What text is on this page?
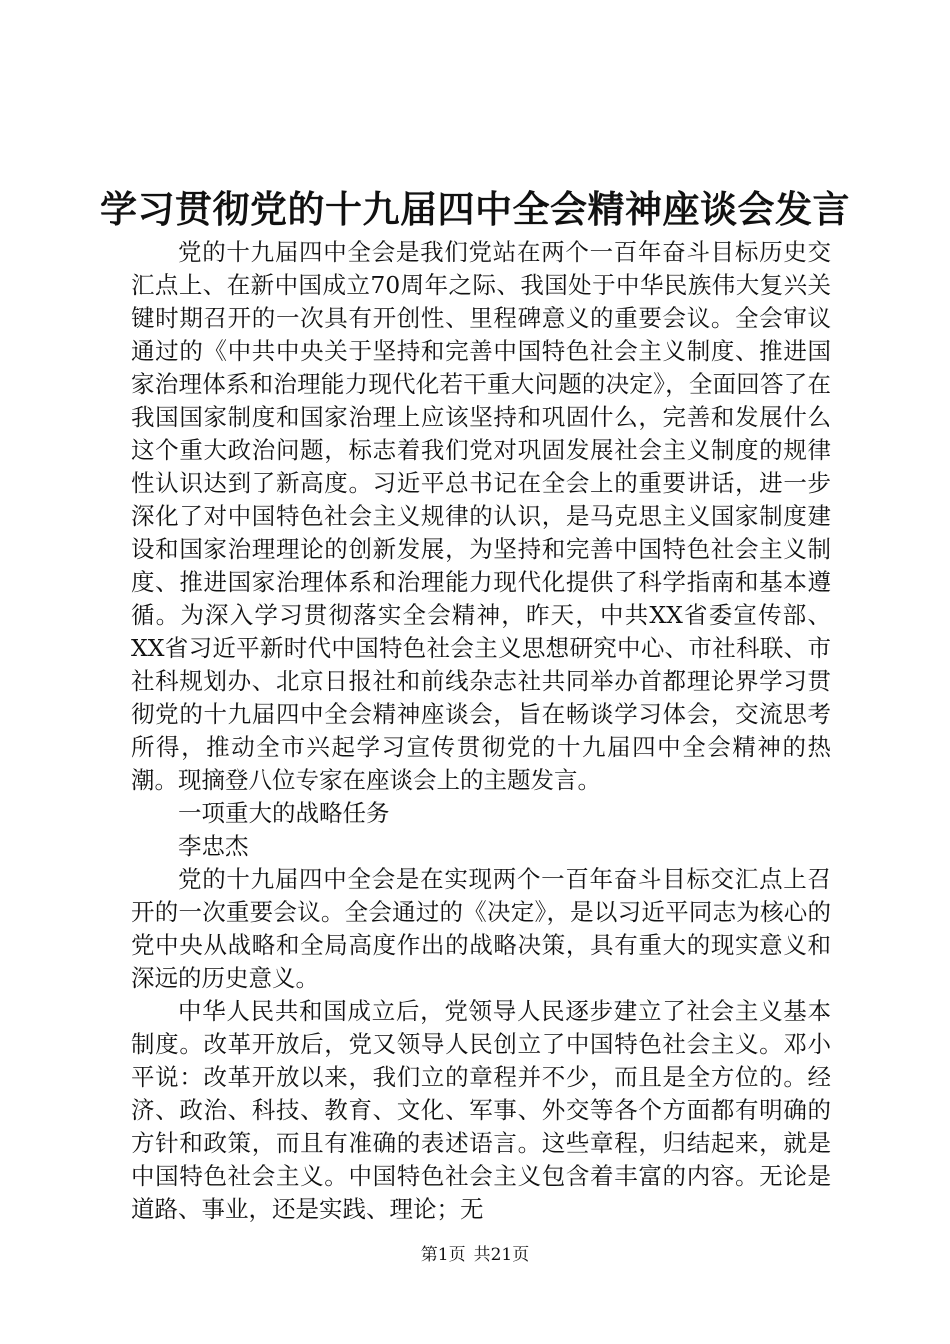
学习贯彻党的十九届四中全会精神座谈会发言

党的十九届四中全会是我们党站在两个一百年奋斗目标历史交汇点上、在新中国成立70周年之际、我国处于中华民族伟大复兴关键时期召开的一次具有开创性、里程碑意义的重要会议。全会审议通过的《中共中央关于坚持和完善中国特色社会主义制度、推进国家治理体系和治理能力现代化若干重大问题的决定》，全面回答了在我国国家制度和国家治理上应该坚持和巩固什么，完善和发展什么这个重大政治问题，标志着我们党对巩固发展社会主义制度的规律性认识达到了新高度。习近平总书记在全会上的重要讲话，进一步深化了对中国特色社会主义规律的认识，是马克思主义国家制度建设和国家治理理论的创新发展，为坚持和完善中国特色社会主义制度、推进国家治理体系和治理能力现代化提供了科学指南和基本遵循。为深入学习贯彻落实全会精神，昨天，中共XX省委宣传部、XX省习近平新时代中国特色社会主义思想研究中心、市社科联、市社科规划办、北京日报社和前线杂志社共同举办首都理论界学习贯彻党的十九届四中全会精神座谈会，旨在畅谈学习体会，交流思考所得，推动全市兴起学习宣传贯彻党的十九届四中全会精神的热潮。现摘登八位专家在座谈会上的主题发言。

一项重大的战略任务

李忠杰

党的十九届四中全会是在实现两个一百年奋斗目标交汇点上召开的一次重要会议。全会通过的《决定》，是以习近平同志为核心的党中央从战略和全局高度作出的战略决策，具有重大的现实意义和深远的历史意义。

中华人民共和国成立后，党领导人民逐步建立了社会主义基本制度。改革开放后，党又领导人民创立了中国特色社会主义。邓小平说：改革开放以来，我们立的章程并不少，而且是全方位的。经济、政治、科技、教育、文化、军事、外交等各个方面都有明确的方针和政策，而且有准确的表述语言。这些章程，归结起来，就是中国特色社会主义。中国特色社会主义包含着丰富的内容。无论是道路、事业，还是实践、理论；无

第1页 共21页
